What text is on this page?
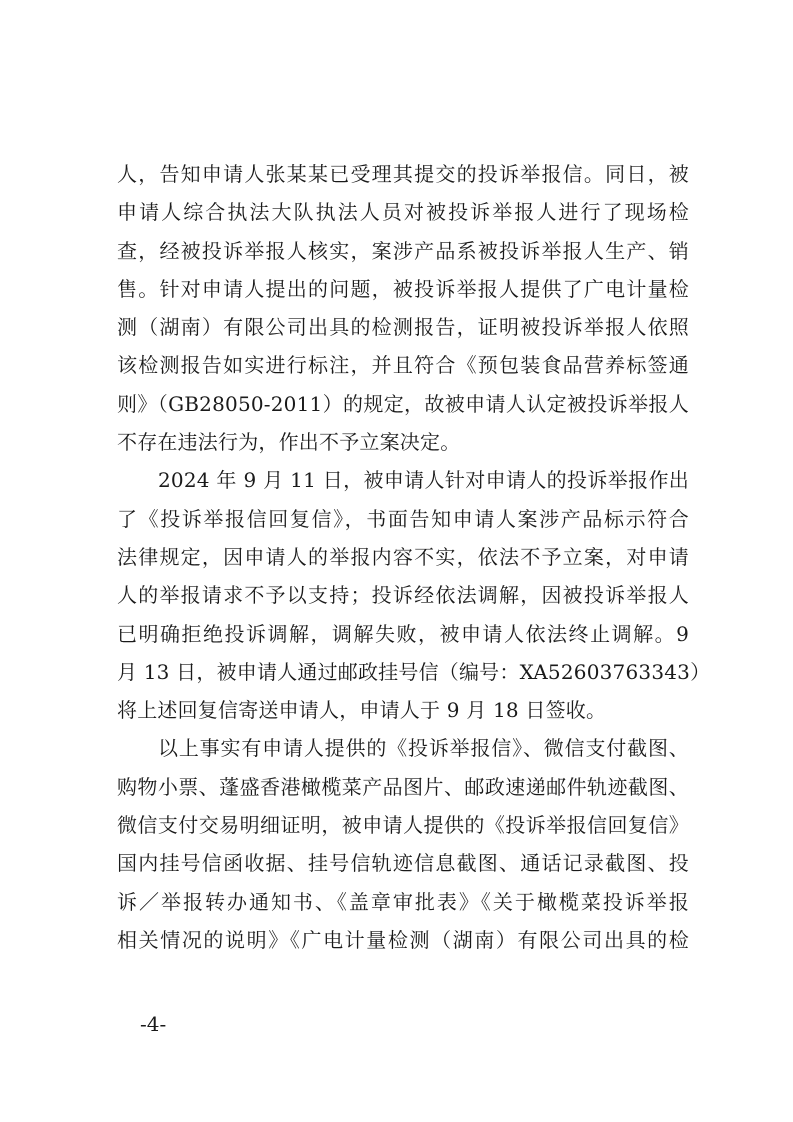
人，告知申请人张某某已受理其提交的投诉举报信。同日，被
申请人综合执法大队执法人员对被投诉举报人进行了现场检
查，经被投诉举报人核实，案涉产品系被投诉举报人生产、销
售。针对申请人提出的问题，被投诉举报人提供了广电计量检
测（湖南）有限公司出具的检测报告，证明被投诉举报人依照
该检测报告如实进行标注，并且符合《预包装食品营养标签通
则》（GB28050-2011）的规定，故被申请人认定被投诉举报人
不存在违法行为，作出不予立案决定。
2024 年 9 月 11 日，被申请人针对申请人的投诉举报作出
了《投诉举报信回复信》，书面告知申请人案涉产品标示符合
法律规定，因申请人的举报内容不实，依法不予立案，对申请
人的举报请求不予以支持；投诉经依法调解，因被投诉举报人
已明确拒绝投诉调解，调解失败，被申请人依法终止调解。9
月 13 日，被申请人通过邮政挂号信（编号：XA52603763343）
将上述回复信寄送申请人，申请人于 9 月 18 日签收。
以上事实有申请人提供的《投诉举报信》、微信支付截图、
购物小票、蓬盛香港橄榄菜产品图片、邮政速递邮件轨迹截图、
微信支付交易明细证明，被申请人提供的《投诉举报信回复信》
国内挂号信函收据、挂号信轨迹信息截图、通话记录截图、投
诉／举报转办通知书、《盖章审批表》《关于橄榄菜投诉举报
相关情况的说明》《广电计量检测（湖南）有限公司出具的检
-4-
